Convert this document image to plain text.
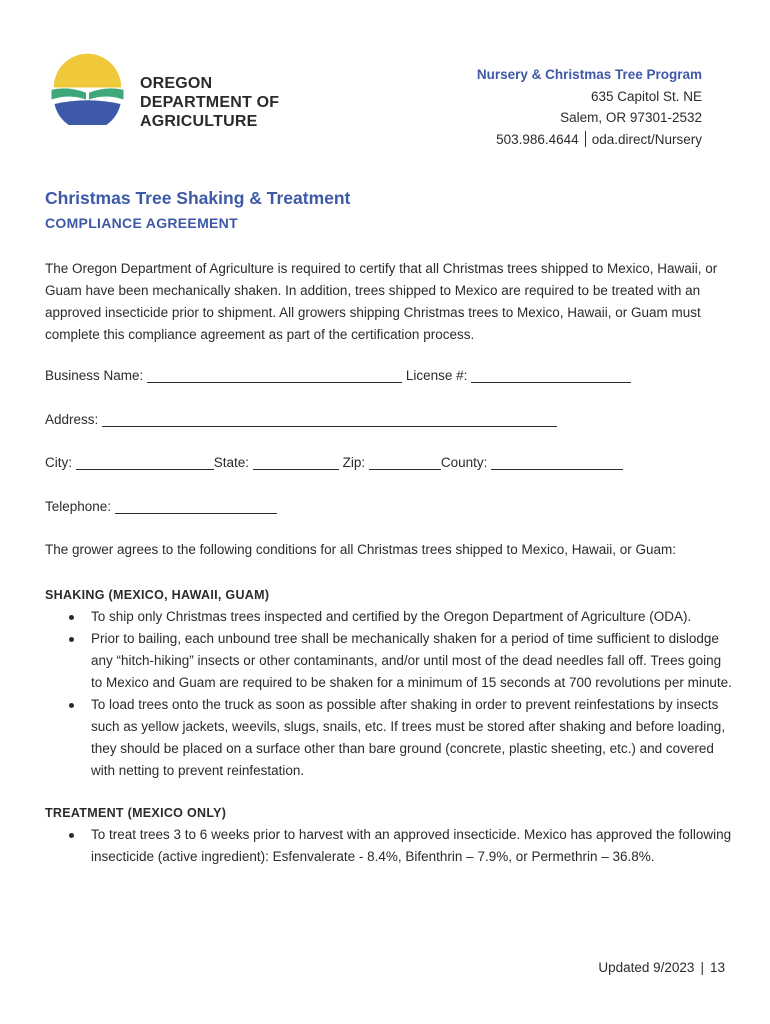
OREGON
DEPARTMENT OF
AGRICULTURE
Nursery & Christmas Tree Program
635 Capitol St. NE
Salem, OR 97301-2532
503.986.4644 oda.direct/Nursery
Christmas Tree Shaking & Treatment
COMPLIANCE AGREEMENT
The Oregon Department of Agriculture is required to certify that all Christmas trees shipped to Mexico, Hawaii, or Guam have been mechanically shaken. In addition, trees shipped to Mexico are required to be treated with an approved insecticide prior to shipment. All growers shipping Christmas trees to Mexico, Hawaii, or Guam must complete this compliance agreement as part of the certification process.
Business Name:	License #:
Address:
City:	State:	Zip:	County:
Telephone:
The grower agrees to the following conditions for all Christmas trees shipped to Mexico, Hawaii, or Guam:
SHAKING (MEXICO, HAWAII, GUAM)
To ship only Christmas trees inspected and certified by the Oregon Department of Agriculture (ODA).
Prior to bailing, each unbound tree shall be mechanically shaken for a period of time sufficient to dislodge any “hitch-hiking” insects or other contaminants, and/or until most of the dead needles fall off. Trees going to Mexico and Guam are required to be shaken for a minimum of 15 seconds at 700 revolutions per minute.
To load trees onto the truck as soon as possible after shaking in order to prevent reinfestations by insects such as yellow jackets, weevils, slugs, snails, etc. If trees must be stored after shaking and before loading, they should be placed on a surface other than bare ground (concrete, plastic sheeting, etc.) and covered with netting to prevent reinfestation.
TREATMENT (MEXICO ONLY)
To treat trees 3 to 6 weeks prior to harvest with an approved insecticide. Mexico has approved the following insecticide (active ingredient): Esfenvalerate - 8.4%, Bifenthrin – 7.9%, or Permethrin – 36.8%.
Updated 9/2023 | 13
